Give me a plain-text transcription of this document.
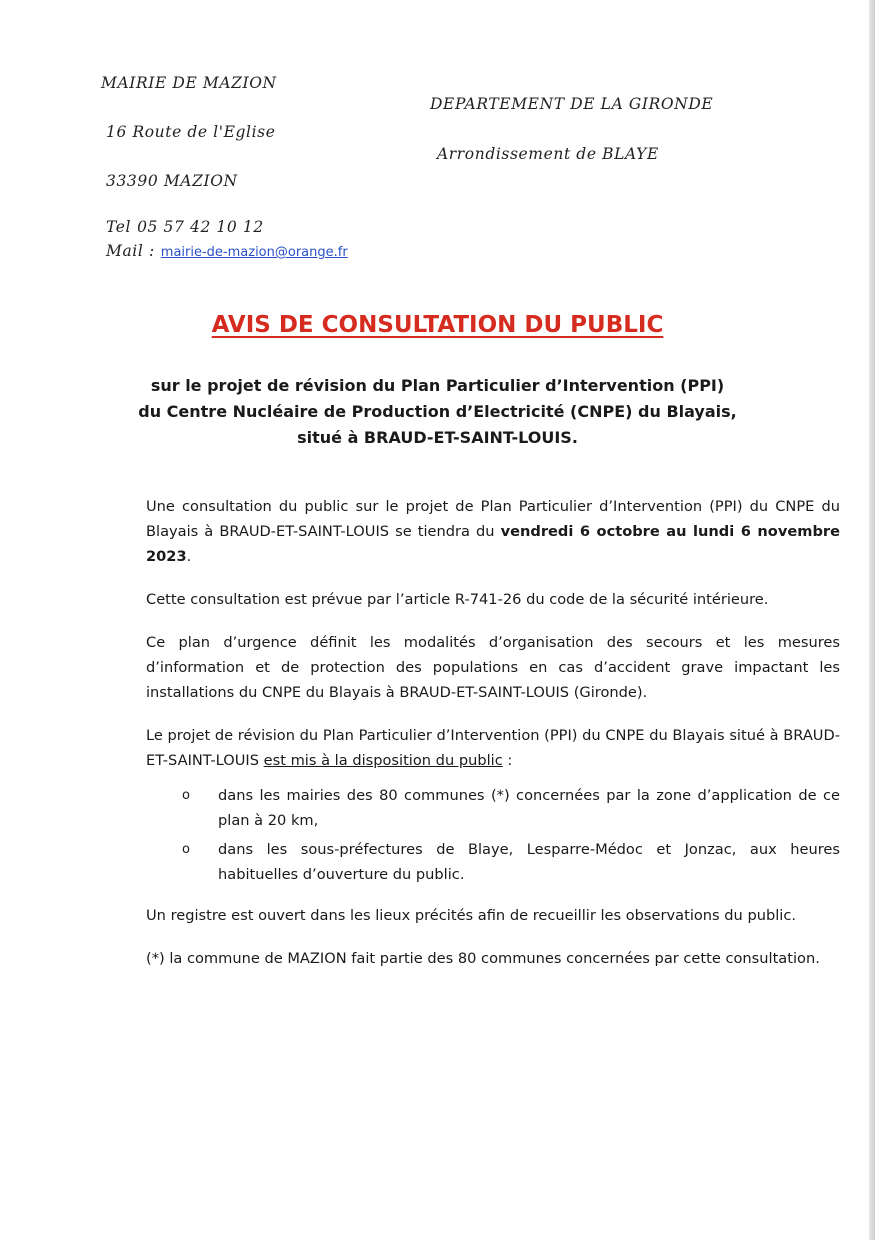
MAIRIE DE MAZION
16 Route de l'Eglise
33390 MAZION
Tel 05 57 42 10 12
Mail : mairie-de-mazion@orange.fr
DEPARTEMENT DE LA GIRONDE
Arrondissement de BLAYE
AVIS DE CONSULTATION DU PUBLIC
sur le projet de révision du Plan Particulier d’Intervention (PPI)
du Centre Nucléaire de Production d’Electricité (CNPE) du Blayais,
situé à BRAUD-ET-SAINT-LOUIS.

Une consultation du public sur le projet de Plan Particulier d’Intervention (PPI) du CNPE du Blayais à BRAUD-ET-SAINT-LOUIS se tiendra du vendredi 6 octobre au lundi 6 novembre 2023.

Cette consultation est prévue par l’article R-741-26 du code de la sécurité intérieure.

Ce plan d’urgence définit les modalités d’organisation des secours et les mesures d’information et de protection des populations en cas d’accident grave impactant les installations du CNPE du Blayais à BRAUD-ET-SAINT-LOUIS (Gironde).

Le projet de révision du Plan Particulier d’Intervention (PPI) du CNPE du Blayais situé à BRAUD-ET-SAINT-LOUIS est mis à la disposition du public :

o dans les mairies des 80 communes (*) concernées par la zone d’application de ce plan à 20 km,
o dans les sous-préfectures de Blaye, Lesparre-Médoc et Jonzac, aux heures habituelles d’ouverture du public.

Un registre est ouvert dans les lieux précités afin de recueillir les observations du public.

(*) la commune de MAZION fait partie des 80 communes concernées par cette consultation.
